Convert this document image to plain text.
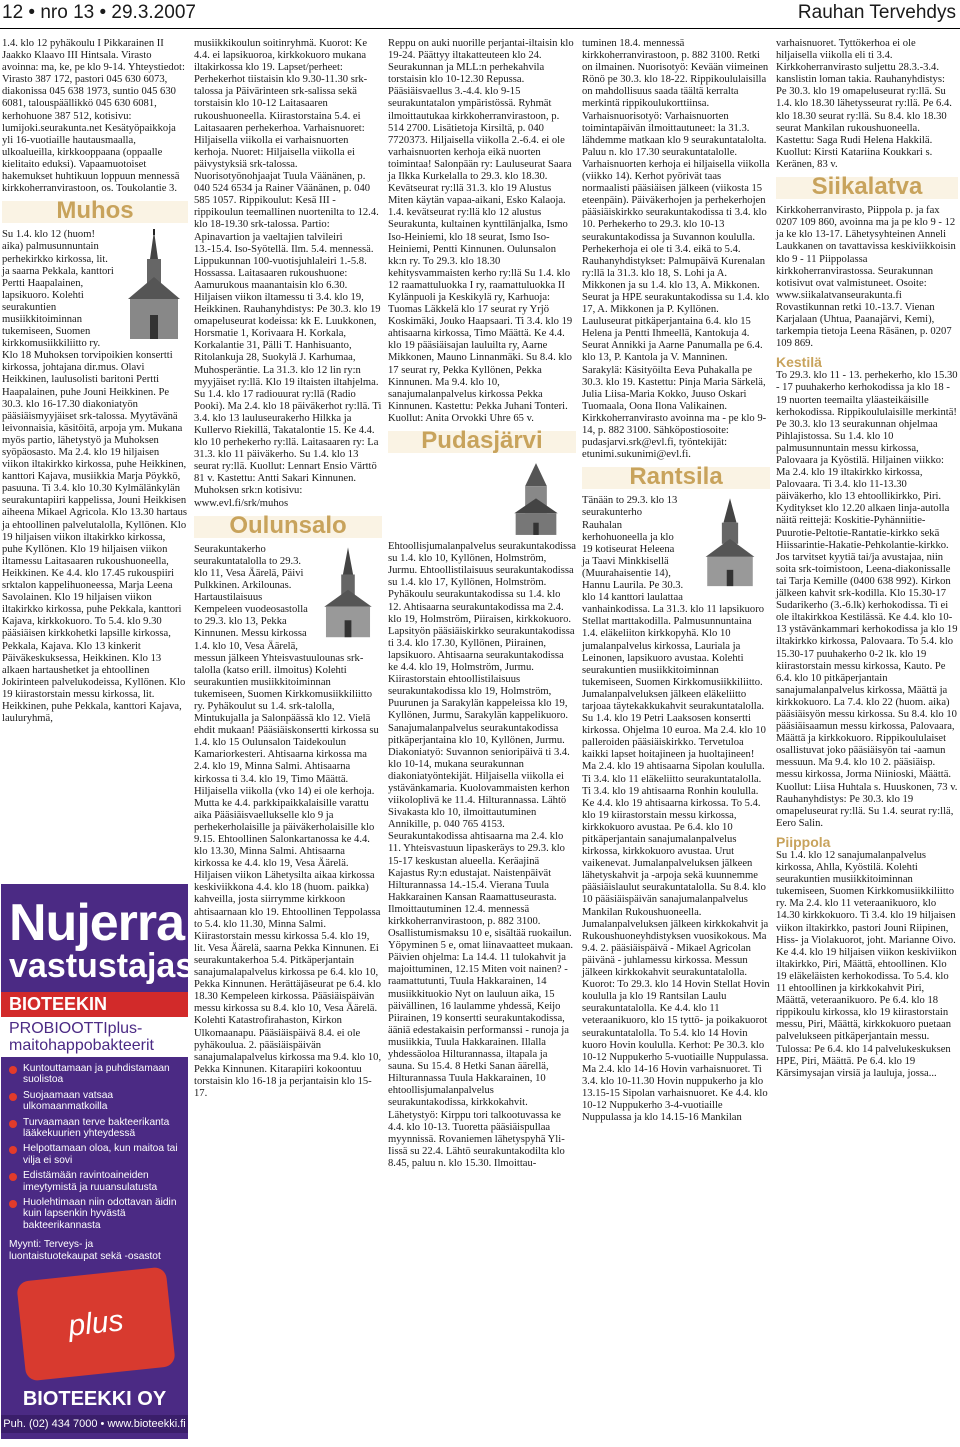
12 • nro 13 • 29.3.2007	Rauhan Tervehdys

1.4. klo 12 pyhäkoulu I Pikkarainen II Jaakko Klaavo III Hintsala. Virasto avoinna: ma, ke, pe klo 9-14. Yhteystiedot: Virasto 387 172, pastori 045 630 6073, diakonissa 045 638 1973, suntio 045 630 6081, talouspäällikkö 045 630 6081, kerhohuone 387 512, kotisivu: lumijoki.seurakunta.net Kesätyöpaikkoja yli 16-vuotiaille hautausmaalla, ulkoalueilla, kirkkooppaana (oppaalle kielitaito eduksi). Vapaamuotoiset hakemukset huhtikuun loppuun mennessä kirkkoherranvirastoon, os. Toukolantie 3.

Muhos

Su 1.4. klo 12 (huom! aika) palmusunnuntain perhekirkko kirkossa, lit. ja saarna Pekkala, kanttori Pertti Haapalainen, lapsikuoro. Kolehti seurakuntien musiikkitoiminnan tukemiseen, Suomen kirkkomusiikkiliitto ry. Klo 18 Muhoksen torvipoikien konsertti kirkossa, johtajana dir.mus. Olavi Heikkinen, laulusolisti baritoni Pertti Haapalainen, puhe Jouni Heikkinen. Pe 30.3. klo 16-17.30 diakoniatyön pääsiäismyyjäiset srk-talossa. Myytävänä leivonnaisia, käsitöitä, arpoja ym. Mukana myös partio, lähetystyö ja Muhoksen syöpäosasto. Ma 2.4. klo 19 hiljaisen viikon iltakirkko kirkossa, puhe Heikkinen, kanttori Kajava, musiikkia Marja Pöykkö, pasuuna. Ti 3.4. klo 10.30 Kylmälänkylän seurakuntapiiri kappelissa, Jouni Heikkisen aiheena Mikael Agricola. Klo 13.30 hartaus ja ehtoollinen palvelutalolla, Kyllönen. Klo 19 hiljaisen viikon iltakirkko kirkossa, puhe Kyllönen. Klo 19 hiljaisen viikon iltamessu Laitasaaren rukoushuoneella, Heikkinen. Ke 4.4. klo 17.45 rukouspiiri srktalon kappelihuoneessa, Marja Leena Savolainen. Klo 19 hiljaisen viikon iltakirkko kirkossa, puhe Pekkala, kanttori Kajava, kirkkokuoro. To 5.4. klo 9.30 pääsiäisen kirkkohetki lapsille kirkossa, Pekkala, Kajava. Klo 13 kinkerit Päiväkeskuksessa, Heikkinen. Klo 13 alkaen hartaushetket ja ehtoollinen Jokirinteen palvelukodeissa, Kyllönen. Klo 19 kiirastorstain messu kirkossa, lit. Heikkinen, puhe Pekkala, kanttori Kajava, lauluryhmä,

Nujerra
vastustajasi!
BIOTEEKIN
PROBIOOTTIplus-maitohappobakteerit
Kuntouttamaan ja puhdistamaan suolistoa
Suojaamaan vatsaa ulkomaanmatkoilla
Turvaamaan terve bakteerikanta lääkekuurien yhteydessä
Helpottamaan oloa, kun maitoa tai vilja ei sovi
Edistämään ravintoaineiden imeytymistä ja ruuansulatusta
Huolehtimaan niin odottavan äidin kuin lapsenkin hyvästä bakteerikannasta
Myynti: Terveys- ja luontaistuotekaupat sekä -osastot
plus
BIOTEEKKI OY
Puh. (02) 434 7000 • www.bioteekki.fi

musiikkikoulun soitinryhmä. Kuorot: Ke 4.4. ei lapsikuoroa, kirkkokuoro mukana iltakirkossa klo 19. Lapset/perheet: Perhekerhot tiistaisin klo 9.30-11.30 srk-talossa ja Päivärinteen srk-salissa sekä torstaisin klo 10-12 Laitasaaren rukoushuoneella. Kiirastorstaina 5.4. ei Laitasaaren perhekerhoa. Varhaisnuoret: Hiljaisella viikolla ei varhaisnuorten kerhoja. Nuoret: Hiljaisella viikolla ei päivystyksiä srk-talossa. Nuorisotyönohjaajat Tuula Väänänen, p. 040 524 6534 ja Rainer Väänänen, p. 040 585 1057. Rippikoulut: Kesä III - rippikoulun teemallinen nuortenilta to 12.4. klo 18-19.30 srk-talossa. Partio: Apinavartion ja vaeltajien talvileiri 13.-15.4. Iso-Syötellä. Ilm. 5.4. mennessä. Lippukunnan 100-vuotisjuhlaleiri 1.-5.8. Hossassa. Laitasaaren rukoushuone: Aamurukous maanantaisin klo 6.30. Hiljaisen viikon iltamessu ti 3.4. klo 19, Heikkinen. Rauhanyhdistys: Pe 30.3. klo 19 omapeluseurat kodeissa: kk E. Luukkonen, Horsmatie 1, Korivaara H. Korkala, Korkalantie 31, Pälli T. Hanhisuanto, Ritolankuja 28, Suokylä J. Karhumaa, Muhosperäntie. La 31.3. klo 12 lin ry:n myyjäiset ry:llä. Klo 19 iltaisten iltahjelma. Su 1.4. klo 17 radiouurat ry:llä (Radio Pooki). Ma 2.4. klo 18 päiväkerhot ry:llä. Ti 3.4. klo 13 lauluseurakerho Hilkka ja Kullervo Riekillä, Takatalontie 15. Ke 4.4. klo 10 perhekerho ry:llä. Laitasaaren ry: La 31.3. klo 11 päiväkerho. Su 1.4. klo 13 seurat ry:llä. Kuollut: Lennart Ensio Värttö 81 v. Kastettu: Antti Sakari Kinnunen. Muhoksen srk:n kotisivu: www.evl.fi/srk/muhos

Oulunsalo

Seurakuntakerho seurakuntatalolla to 29.3. klo 11, Vesa Äärelä, Päivi Pulkkinen. Arkilounas. Hartaustilaisuus Kempeleen vuodeosastolla to 29.3. klo 13, Pekka Kinnunen. Messu kirkossa 1.4. klo 10, Vesa Äärelä, messun jälkeen Yhteisvastuulounas srk-talolla (katso erill. ilmoitus) Kolehti seurakuntien musiikkitoiminnan tukemiseen, Suomen Kirkkomusiikkiliitto ry. Pyhäkoulut su 1.4. srk-talolla, Mintukujalla ja Salonpäässä klo 12. Vielä ehdit mukaan! Pääsiäiskonsertti kirkossa su 1.4. klo 15 Oulunsalon Taidekoulun Kamariorkesteri. Ahtisaarna kirkossa ma 2.4. klo 19, Minna Salmi. Ahtisaarna kirkossa ti 3.4. klo 19, Timo Määttä. Hiljaisella viikolla (vko 14) ei ole kerhoja. Mutta ke 4.4. parkkipaikkalaisille varattu aika Pääsiäisvaellukselle klo 9 ja perhekerholaisille ja päiväkerholaisille klo 9.15. Ehtoollinen Salonkartanossa ke 4.4. klo 13.30, Minna Salmi. Ahtisaarna kirkossa ke 4.4. klo 19, Vesa Äärelä. Hiljaisen viikon Lähetysilta aikaa kirkossa keskiviikkona 4.4. klo 18 (huom. paikka) kahveilla, josta siirrymme kirkkoon ahtisaarnaan klo 19. Ehtoollinen Teppolassa to 5.4. klo 11.30, Minna Salmi. Kiirastorstain messu kirkossa 5.4. klo 19, lit. Vesa Äärelä, saarna Pekka Kinnunen. Ei seurakuntakerhoa 5.4. Pitkäperjantain sanajumalapalvelus kirkossa pe 6.4. klo 10, Pekka Kinnunen. Herättäjäseurat pe 6.4. klo 18.30 Kempeleen kirkossa. Pääsiäispäivän messu kirkossa su 8.4. klo 10, Vesa Äärelä. Kolehti Katastrofirahaston, Kirkon Ulkomaanapu. Pääsiäispäivä 8.4. ei ole pyhäkoulua. 2. pääsiäispäivän sanajumalapalvelus kirkossa ma 9.4. klo 10, Pekka Kinnunen. Kitarapiiri kokoontuu torstaisin klo 16-18 ja perjantaisin klo 15-17.

Reppu on auki nuorille perjantai-iltaisin klo 19-24. Päättyy iltakatteuteen klo 24. Seurakunnan ja MLL:n perhekahvila torstaisin klo 10-12.30 Repussa. Pääsiäisvaellus 3.-4.4. klo 9-15 seurakuntatalon ympäristössä. Ryhmät ilmoittautukaa kirkkoherranvirastoon, p. 514 2700. Lisätietoja Kirsiltä, p. 040 7720373. Hiljaisella viikolla 2.-6.4. ei ole varhaisnuorten kerhoja eikä nuorten toimintaa! Salonpään ry: Lauluseurat Saara ja Ilkka Kurkelalla to 29.3. klo 18.30. Kevätseurat ry:llä 31.3. klo 19 Alustus Miten käytän vapaa-aikani, Esko Kalaoja. 1.4. kevätseurat ry:llä klo 12 alustus Seurakunta, kultainen kynttilänjalka, Ismo Iso-Heiniemi, klo 18 seurat, Ismo Iso-Heiniemi, Pentti Kinnunen. Oulunsalon kk:n ry. To 29.3. klo 18.30 kehitysvammaisten kerho ry:llä Su 1.4. klo 12 raamattuluokka I ry, raamattuluokka II Kylänpuoli ja Keskikylä ry, Karhuoja: Tuomas Läkkelä klo 17 seurat ry Yrjö Koskimäki, Jouko Haapsaari. Ti 3.4. klo 19 ahtisaarna kirkossa, Timo Määttä. Ke 4.4. klo 19 pääsiäisajan lauluilta ry, Aarne Mikkonen, Mauno Linnanmäki. Su 8.4. klo 17 seurat ry, Pekka Kyllönen, Pekka Kinnunen. Ma 9.4. klo 10, sanajumalanpalvelus kirkossa Pekka Kinnunen. Kastettu: Pekka Juhani Tonteri. Kuollut: Anita Orvokki Uhre 65 v.

Pudasjärvi

Ehtoollisjumalanpalvelus seurakuntakodissa su 1.4. klo 10, Kyllönen, Holmström, Jurmu. Ehtoollistilaisuus seurakuntakodissa su 1.4. klo 17, Kyllönen, Holmström. Pyhäkoulu seurakuntakodissa su 1.4. klo 12. Ahtisaarna seurakuntakodissa ma 2.4. klo 19, Holmström, Piiraisen, kirkkokuoro. Lapsityön pääsiäiskirkko seurakuntakodissa ti 3.4. klo 17.30, Kyllönen, Piirainen, lapsikuoro. Ahtisaarna seurakuntakodissa ke 4.4. klo 19, Holmström, Jurmu. Kiirastorstain ehtoollistilaisuus seurakuntakodissa klo 19, Holmström, Puurunen ja Sarakylän kappeleissa klo 19, Kyllönen, Jurmu, Sarakylän kappelikuoro. Sanajumalanpalvelus seurakuntakodissa pitkäperjantaina klo 10, Kyllönen, Jurmu. Diakoniatyö: Suvannon senioripäivä ti 3.4. klo 10-14, mukana seurakunnan diakoniatyöntekijät. Hiljaisella viikolla ei ystävänkamaria. Kuolovammaisten kerhon viikoloplivä ke 11.4. Hilturannassa. Lähtö Sivakasta klo 10, ilmoittautuminen Annikille, p. 040 765 4153. Seurakuntakodissa ahtisaarna ma 2.4. klo 11. Yhteisvastuun lipaskeräys to 29.3. klo 15-17 keskustan alueella. Keräajinä Kajastus Ry:n edustajat. Naistenpäivät Hilturannassa 14.-15.4. Vierana Tuula Hakkarainen Kansan Raamattuseurasta. Ilmoittautuminen 12.4. mennessä kirkkoherranvirastoon, p. 882 3100. Osallistumismaksu 10 e, sisältää ruokailun. Yöpyminen 5 e, omat liinavaatteet mukaan. Päivien ohjelma: La 14.4. 11 tulokahvit ja majoittuminen, 12.15 Miten voit nainen? - raamattutunti, Tuula Hakkarainen, 14 musiikkituokio Nyt on lauluun aika, 15 päivällinen, 16 laulamme yhdessä, Keijo Piirainen, 19 konsertti seurakuntakodissa, ääniä edestakaisin performanssi - runoja ja musiikkia, Tuula Hakkarainen. Illalla yhdessäoloa Hilturannassa, iltapala ja sauna. Su 15.4. 8 Hetki Sanan äärellä, Hilturannassa Tuula Hakkarainen, 10 ehtoollisjumalanpalvelus seurakuntakodissa, kirkkokahvit. Lähetystyö: Kirppu tori talkootuvassa ke 4.4. klo 10-13. Tuoretta pääsiäispullaa myynnissä. Rovaniemen lähetyspyhä Yli-Iissä su 22.4. Lähtö seurakuntakodilta klo 8.45, paluu n. klo 15.30. Ilmoittau-

tuminen 18.4. mennessä kirkkoherranvirastoon, p. 882 3100. Retki on ilmainen. Nuorisotyö: Kevään viimeinen Rönö pe 30.3. klo 18-22. Rippikoululaisilla on mahdollisuus saada täältä kerralta merkintä rippikoulukorttiinsa. Varhaisnuorisotyö: Varhaisnuorten toimintapäivän ilmoittautuneet: la 31.3. lähdemme matkaan klo 9 seurakuntatalolta. Paluu n. klo 17.30 seurakuntatalolle. Varhaisnuorten kerhoja ei hiljaisella viikolla (viikko 14). Kerhot pyörivät taas normaalisti pääsiäisen jälkeen (viikosta 15 eteenpäin). Päiväkerhojen ja perhekerhojen pääsiäiskirkko seurakuntakodissa ti 3.4. klo 10. Perhekerho to 29.3. klo 10-13 seurakuntakodissa ja Suvannon koululla. Perhekerhoja ei ole ti 3.4. eikä to 5.4. Rauhanyhdistykset: Palmupäivä Kurenalan ry:llä la 31.3. klo 18, S. Lohi ja A. Mikkonen ja su 1.4. klo 13, A. Mikkonen. Seurat ja HPE seurakuntakodissa su 1.4. klo 17, A. Mikkonen ja P. Kyllönen. Lauluseurat pitkäperjantaina 6.4. klo 15 Helena ja Pentti Ihmeellä, Kantokuja 4. Seurat Annikki ja Aarne Panumalla pe 6.4. klo 13, P. Kantola ja V. Manninen. Sarakylä: Käsityöilta Eeva Puhakalla pe 30.3. klo 19. Kastettu: Pinja Maria Särkelä, Julia Liisa-Maria Kokko, Juuso Oskari Tuomaala, Oona Ilona Valikainen. Kirkkoherranvirasto avoinna ma - pe klo 9-14, p. 882 3100. Sähköpostiosoite: pudasjarvi.srk@evl.fi, työntekijät: etunimi.sukunimi@evl.fi.

Rantsila

Tänään to 29.3. klo 13 seurakunterho Rauhalan kerhohuoneella ja klo 19 kotiseurat Heleena ja Taavi Minkkisellä (Muurahaisentie 14), Hannu Laurila. Pe 30.3. klo 14 kanttori laulattaa vanhainkodissa. La 31.3. klo 11 lapsikuoro Stellat marttakodilla. Palmusunnuntaina 1.4. eläkeliiton kirkkopyhä. Klo 10 jumalanpalvelus kirkossa, Lauriala ja Leinonen, lapsikuoro avustaa. Kolehti seurakuntien musiikkitoiminnan tukemiseen, Suomen Kirkkomusiikkiliitto. Jumalanpalveluksen jälkeen eläkeliitto tarjoaa täytekakkukahvit seurakuntatalolla. Su 1.4. klo 19 Petri Laaksosen konsertti kirkossa. Ohjelma 10 euroa. Ma 2.4. klo 10 palleroiden pääsiäiskirkko. Tervetuloa kaikki lapset hoitajineen ja huoltajineen! Ma 2.4. klo 19 ahtisaarna Sipolan koululla. Ti 3.4. klo 11 eläkeliitto seurakuntatalolla. Ti 3.4. klo 19 ahtisaarna Ronhin koululla. Ke 4.4. klo 19 ahtisaarna kirkossa. To 5.4. klo 19 kiirastorstain messu kirkossa, kirkkokuoro avustaa. Pe 6.4. klo 10 pitkäperjantain sanajumalanpalvelus kirkossa, kirkkokuoro avustaa. Urut vaikenevat. Jumalanpalveluksen jälkeen lähetyskahvit ja -arpoja sekä kuunnemme pääsiäislaulut seurakuntatalolla. Su 8.4. klo 10 pääsiäispäivän sanajumalanpalvelus Mankilan Rukoushuoneella. Jumalanpalveluksen jälkeen kirkkokahvit ja Rukoushuoneyhdistyksen vuosikokous. Ma 9.4. 2. pääsiäispäivä - Mikael Agricolan päivänä - juhlamessu kirkossa. Messun jälkeen kirkkokahvit seurakuntatalolla. Kuorot: To 29.3. klo 14 Hovin Stellat Hovin koululla ja klo 19 Rantsilan Laulu seurakuntatalolla. Ke 4.4. klo 11 veteraanikuoro, klo 15 tyttö- ja poikakuorot seurakuntatalolla. To 5.4. klo 14 Hovin kuoro Hovin koululla. Kerhot: Pe 30.3. klo 10-12 Nuppukerho 5-vuotiaille Nuppulassa. Ma 2.4. klo 14-16 Hovin varhaisnuoret. Ti 3.4. klo 10-11.30 Hovin nuppukerho ja klo 13.15-15 Sipolan varhaisnuoret. Ke 4.4. klo 10-12 Nuppukerho 3-4-vuotiaille Nuppulassa ja klo 14.15-16 Mankilan

varhaisnuoret. Tyttökerhoa ei ole hiljaisella viikolla eli ti 3.4. Kirkkoherranvirasto suljettu 28.3.-3.4. kanslistin loman takia. Rauhanyhdistys: Pe 30.3. klo 19 omapeluseurat ry:llä. Su 1.4. klo 18.30 lähetysseurat ry:llä. Pe 6.4. klo 18.30 seurat ry:llä. Su 8.4. klo 18.30 seurat Mankilan rukoushuoneella. Kastettu: Saga Rudi Helena Hakkilä. Kuollut: Kirsti Katariina Koukkari s. Keränen, 83 v.

Siikalatva

Kirkkoherranvirasto, Piippola p. ja fax 0207 109 860, avoinna ma ja pe klo 9 - 12 ja ke klo 13-17. Lähetysyhteinen Anneli Laukkanen on tavattavissa keskiviikkoisin klo 9 - 11 Piippolassa kirkkoherranvirastossa. Seurakunnan kotisivut ovat valmistuneet. Osoite: www.siikalatvanseurakunta.fi Rovastikunnan retki 10.-13.7. Vienan Karjalaan (Uhtua, Paanajärvi, Kemi), tarkempia tietoja Leena Räsänen, p. 0207 109 869.

Kestilä

To 29.3. klo 11 - 13. perhekerho, klo 15.30 - 17 puuhakerho kerhokodissa ja klo 18 - 19 nuorten teemailta yläasteikäisille kerhokodissa. Rippikoululaisille merkintä! Pe 30.3. klo 13 seurakunnan ohjelmaa Pihlajistossa. Su 1.4. klo 10 palmusunnuntain messu kirkossa, Palovaara ja Kyöstilä. Hiljainen viikko: Ma 2.4. klo 19 iltakirkko kirkossa, Palovaara. Ti 3.4. klo 11-13.30 päiväkerho, klo 13 ehtoollikirkko, Piri. Kyditykset klo 12.20 alkaen linja-autolla näitä reittejä: Koskitie-Pyhänniitie-Puurotie-Peltotie-Rantatie-kirkko sekä Hiissarintie-Hakatie-Pehkolantie-kirkko. Jos tarvitset kyytiä tai/ja avustajaa, niin soita srk-toimistoon, Leena-diakonissalle tai Tarja Kemille (0400 638 992). Kirkon jälkeen kahvit srk-kodilla. Klo 15.30-17 Sudarikerho (3.-6.lk) kerhokodissa. Ti ei ole iltakirkkoa Kestilässä. Ke 4.4. klo 10-13 ystävänkammari kerhokodissa ja klo 19 iltakirkko kirkossa, Palovaara. To 5.4. klo 15.30-17 puuhakerho 0-2 lk. klo 19 kiirastorstain messu kirkossa, Kauto. Pe 6.4. klo 10 pitkäperjantain sanajumalanpalvelus kirkossa, Määttä ja kirkkokuoro. La 7.4. klo 22 (huom. aika) pääsiäisyön messu kirkossa. Su 8.4. klo 10 pääsiäisaamun messu kirkossa, Palovaara, Määttä ja kirkkokuoro. Rippikoululaiset osallistuvat joko pääsiäisyön tai -aamun messuun. Ma 9.4. klo 10 2. pääsiäisp. messu kirkossa, Jorma Niinioski, Määttä. Kuollut: Liisa Huhtala s. Huuskonen, 73 v. Rauhanyhdistys: Pe 30.3. klo 19 omapeluseurat ry:llä. Su 1.4. seurat ry:llä, Eero Salin.

Piippola

Su 1.4. klo 12 sanajumalanpalvelus kirkossa, Ahlla, Kyöstilä. Kolehti seurakuntien musiikkitoiminnan tukemiseen, Suomen Kirkkomusiikkiliitto ry. Ma 2.4. klo 11 veteraanikuoro, klo 14.30 kirkkokuoro. Ti 3.4. klo 19 hiljaisen viikon iltakirkko, pastori Jouni Riipinen, Hiss- ja Violakuorot, joht. Marianne Oivo. Ke 4.4. klo 19 hiljaisen viikon keskiviikon iltakirkko, Piri, Määttä, ehtoollinen. Klo 19 eläkeläisten kerhokodissa. To 5.4. klo 11 ehtoollinen ja kirkkokahvit Piri, Määttä, veteraanikuoro. Pe 6.4. klo 18 rippikoulu kirkossa, klo 19 kiirastorstain messu, Piri, Määttä, kirkkokuoro puetaan palvelukseen pitkäperjantain messu. Tulossa: Pe 6.4. klo 14 palvelukeskuksen HPE, Piri, Määttä. Pe 6.4. klo 19 Kärsimysajan virsiä ja lauluja, jossa...
